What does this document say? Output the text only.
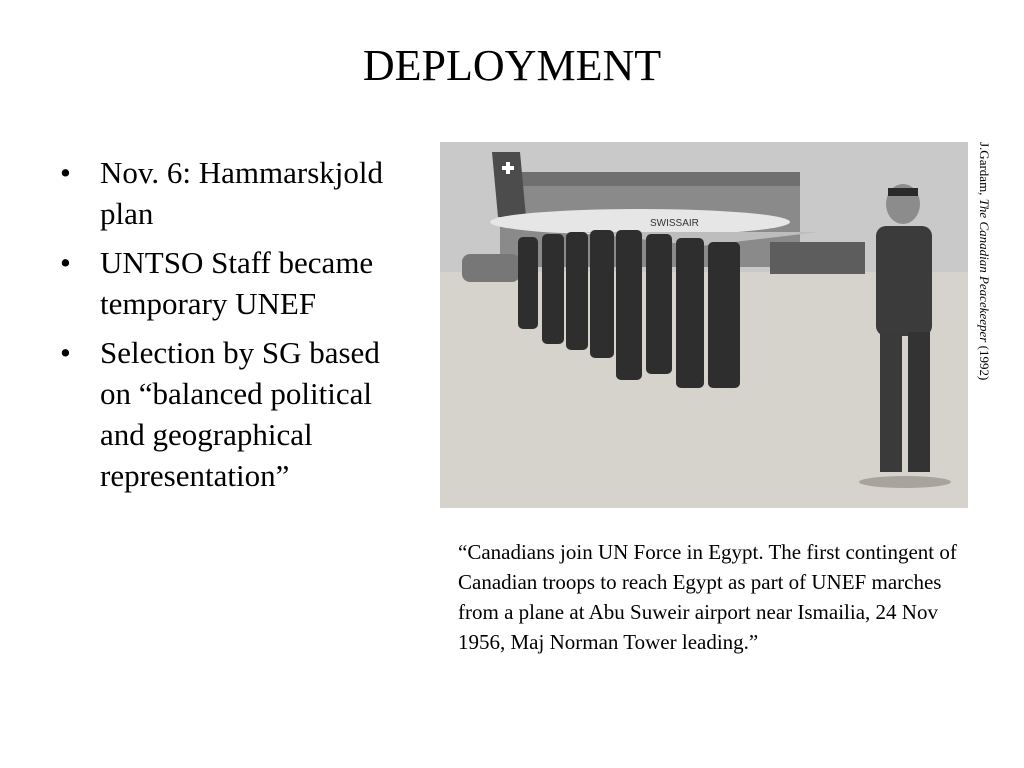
DEPLOYMENT
• Nov. 6: Hammarskjold plan
• UNTSO Staff became temporary UNEF
• Selection by SG based on “balanced political and geographical representation”
SWISSAIR
J.Gardam, The Canadian Peacekeeper (1992)
“Canadians join UN Force in Egypt. The first contingent of Canadian troops to reach Egypt as part of UNEF marches from a plane at Abu Suweir airport near Ismailia, 24 Nov 1956, Maj Norman Tower leading.”
